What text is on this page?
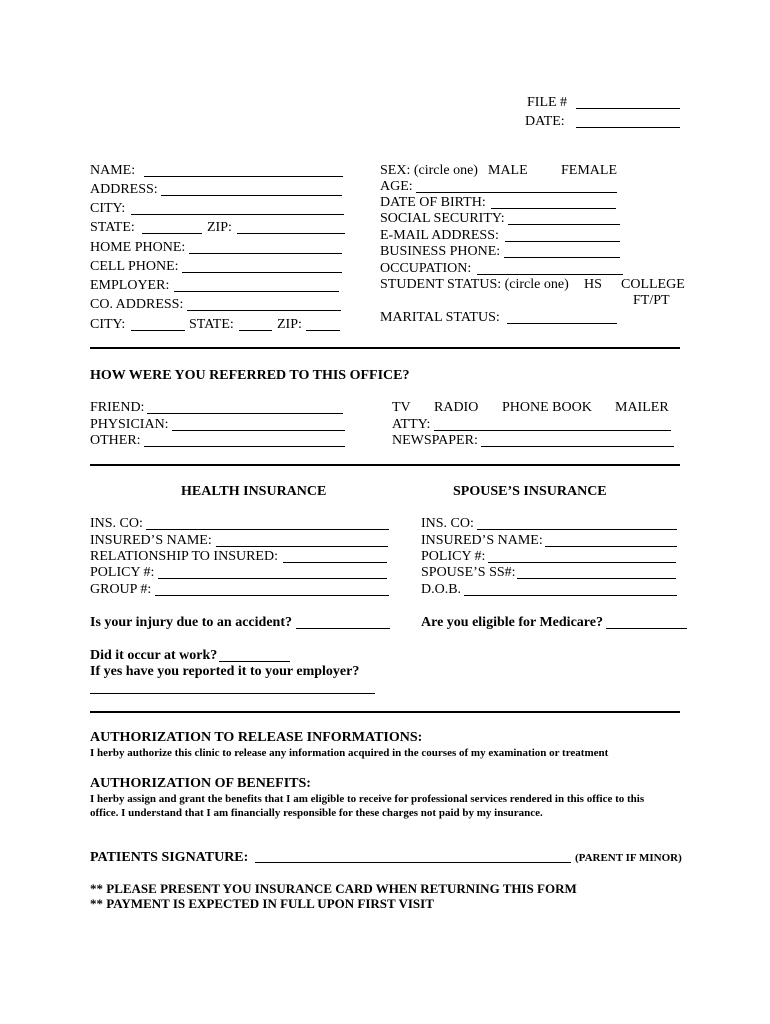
FILE #
DATE:
NAME:
ADDRESS:
CITY:
STATE:	ZIP:
HOME PHONE:
CELL PHONE:
EMPLOYER:
CO. ADDRESS:
CITY:	STATE:	ZIP:
SEX: (circle one) MALE FEMALE
AGE:
DATE OF BIRTH:
SOCIAL SECURITY:
E-MAIL ADDRESS:
BUSINESS PHONE:
OCCUPATION:
STUDENT STATUS: (circle one) HS COLLEGE
FT/PT
MARITAL STATUS:
HOW WERE YOU REFERRED TO THIS OFFICE?
FRIEND:
PHYSICIAN:
OTHER:
TV RADIO PHONE BOOK MAILER
ATTY:
NEWSPAPER:
HEALTH INSURANCE	SPOUSE’S INSURANCE
INS. CO:
INSURED’S NAME:
RELATIONSHIP TO INSURED:
POLICY #:
GROUP #:
INS. CO:
INSURED’S NAME:
POLICY #:
SPOUSE’S SS#:
D.O.B.
Is your injury due to an accident?	Are you eligible for Medicare?
Did it occur at work?
If yes have you reported it to your employer?
AUTHORIZATION TO RELEASE INFORMATIONS:
I herby authorize this clinic to release any information acquired in the courses of my examination or treatment
AUTHORIZATION OF BENEFITS:
I herby assign and grant the benefits that I am eligible to receive for professional services rendered in this office to this
office. I understand that I am financially responsible for these charges not paid by my insurance.
PATIENTS SIGNATURE:	(PARENT IF MINOR)
** PLEASE PRESENT YOU INSURANCE CARD WHEN RETURNING THIS FORM
** PAYMENT IS EXPECTED IN FULL UPON FIRST VISIT
